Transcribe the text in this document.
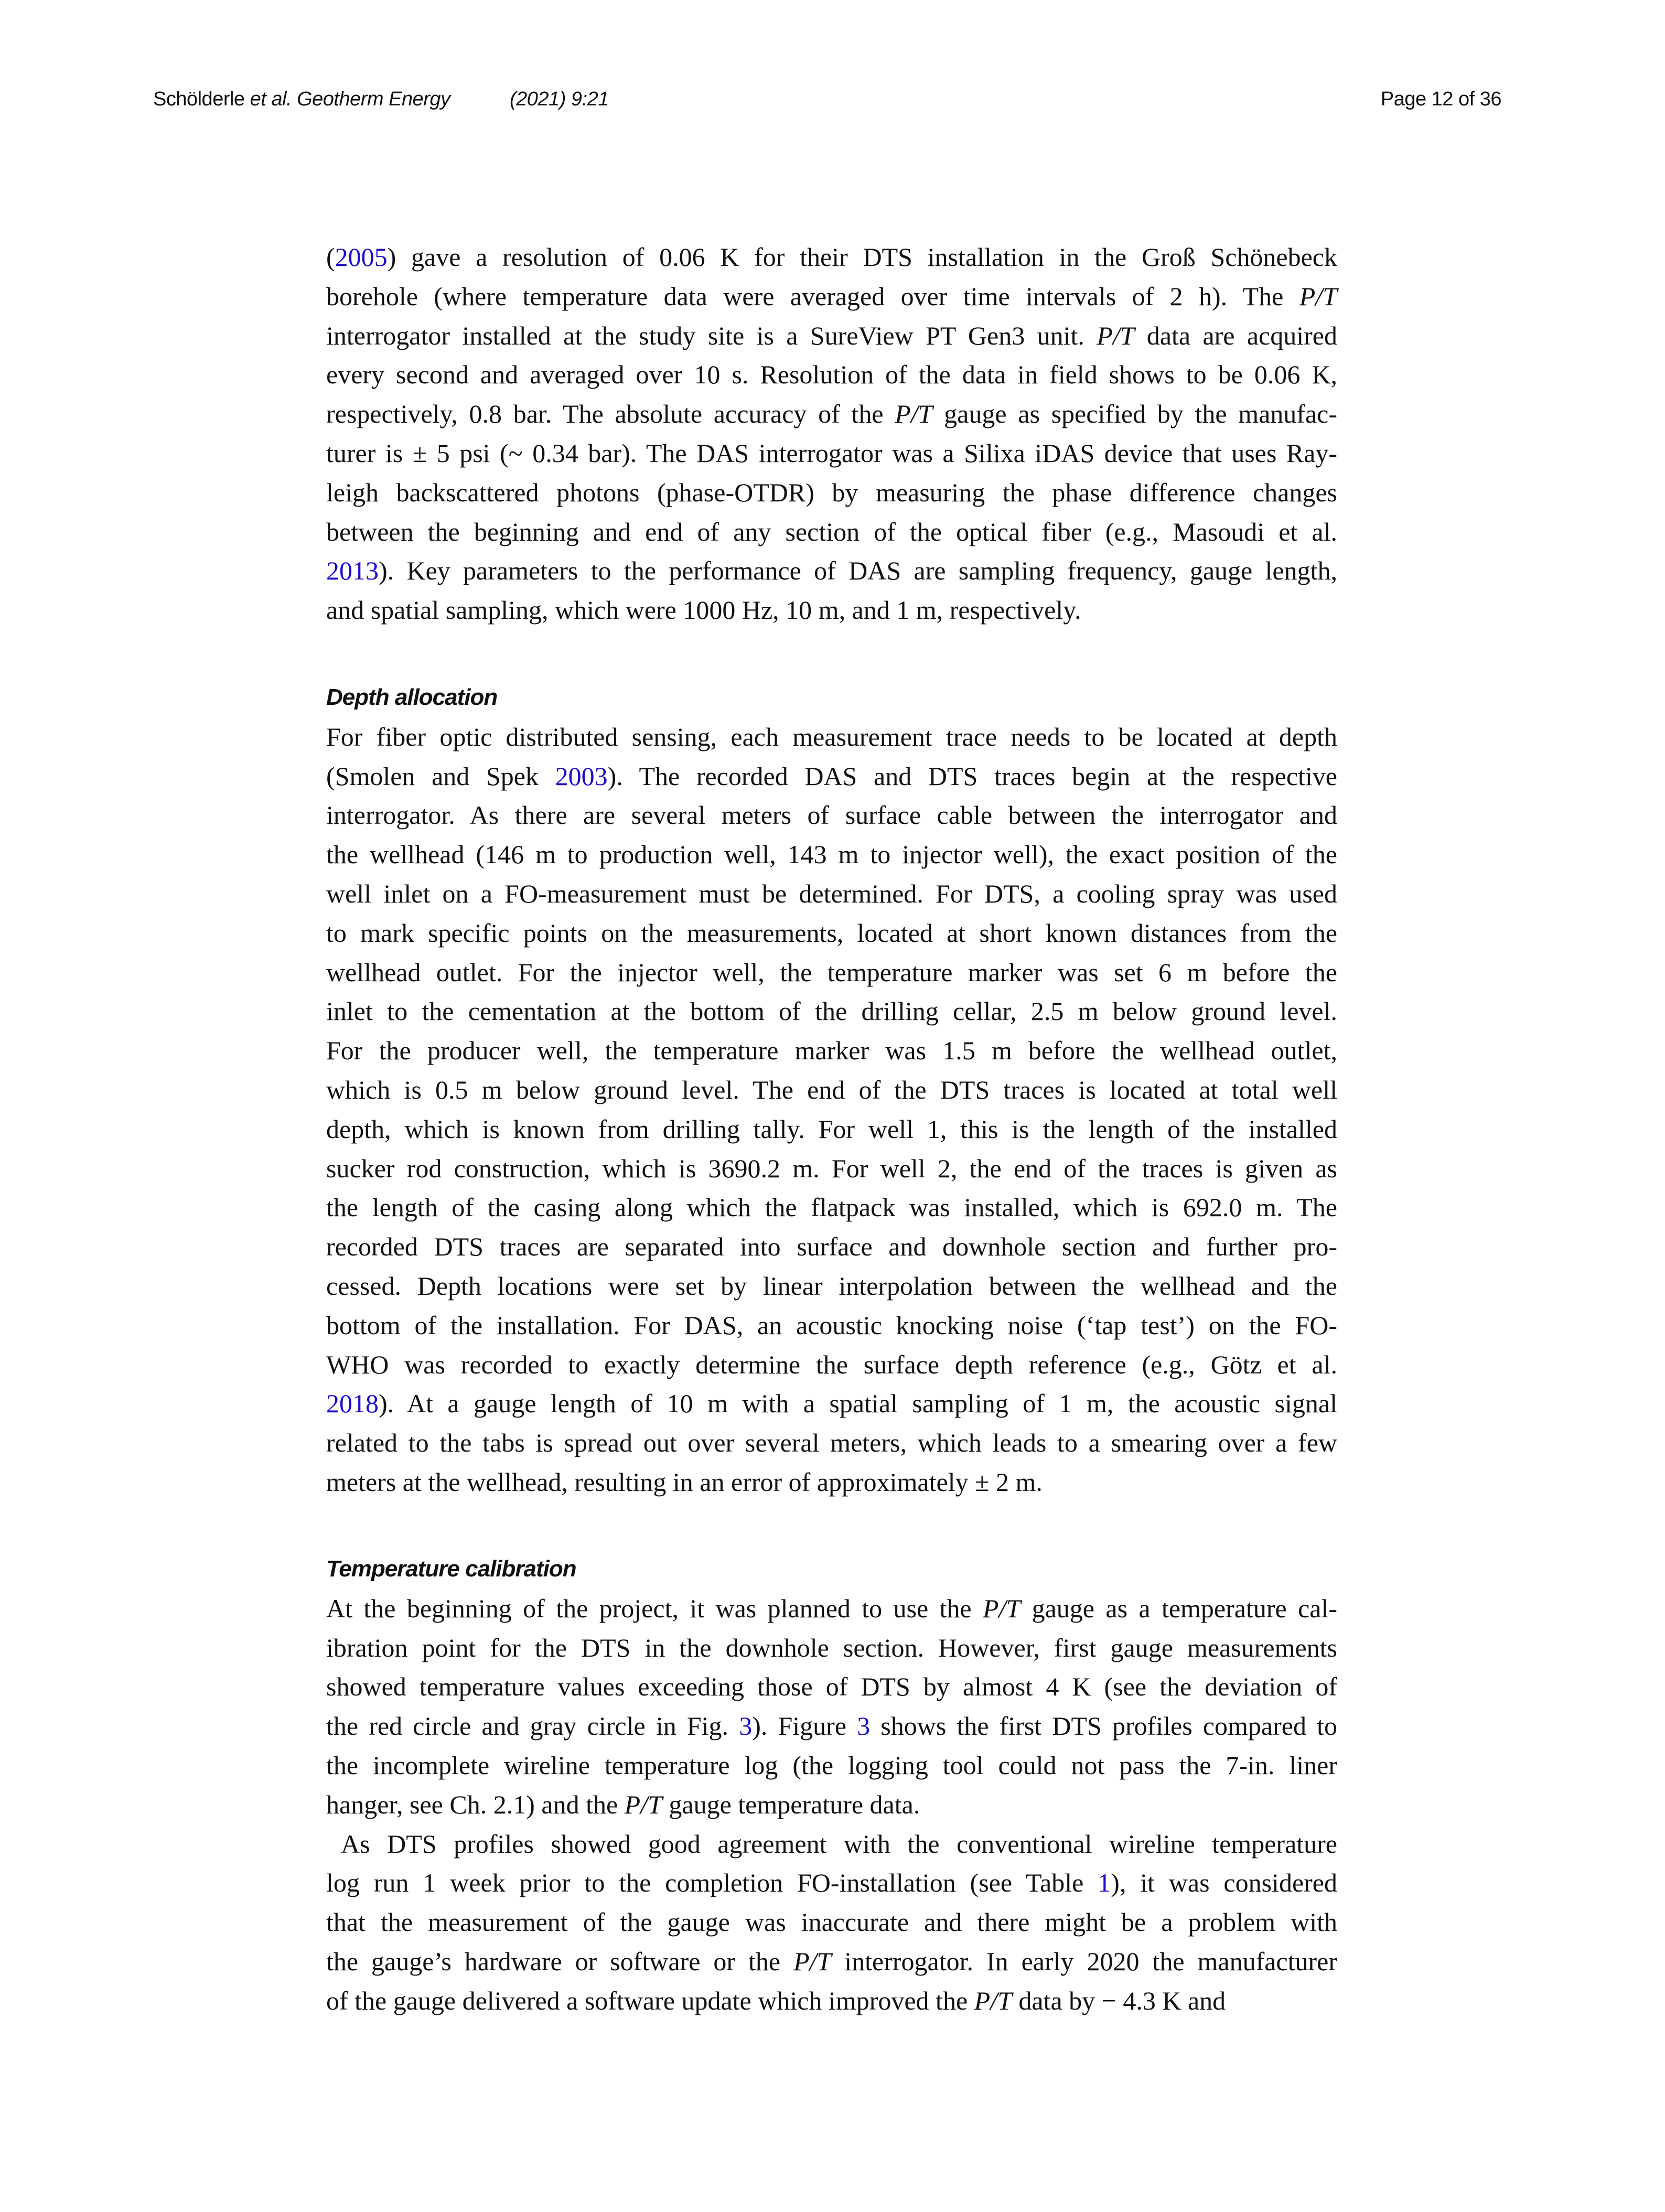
Schölderle et al. Geotherm Energy	(2021) 9:21	Page 12 of 36
(2005) gave a resolution of 0.06 K for their DTS installation in the Groß Schönebeck
borehole (where temperature data were averaged over time intervals of 2 h). The P/T
interrogator installed at the study site is a SureView PT Gen3 unit. P/T data are acquired
every second and averaged over 10 s. Resolution of the data in field shows to be 0.06 K,
respectively, 0.8 bar. The absolute accuracy of the P/T gauge as specified by the manufac-
turer is ± 5 psi (~ 0.34 bar). The DAS interrogator was a Silixa iDAS device that uses Ray-
leigh backscattered photons (phase-OTDR) by measuring the phase difference changes
between the beginning and end of any section of the optical fiber (e.g., Masoudi et al.
2013). Key parameters to the performance of DAS are sampling frequency, gauge length,
and spatial sampling, which were 1000 Hz, 10 m, and 1 m, respectively.
Depth allocation
For fiber optic distributed sensing, each measurement trace needs to be located at depth
(Smolen and Spek 2003). The recorded DAS and DTS traces begin at the respective
interrogator. As there are several meters of surface cable between the interrogator and
the wellhead (146 m to production well, 143 m to injector well), the exact position of the
well inlet on a FO-measurement must be determined. For DTS, a cooling spray was used
to mark specific points on the measurements, located at short known distances from the
wellhead outlet. For the injector well, the temperature marker was set 6 m before the
inlet to the cementation at the bottom of the drilling cellar, 2.5 m below ground level.
For the producer well, the temperature marker was 1.5 m before the wellhead outlet,
which is 0.5 m below ground level. The end of the DTS traces is located at total well
depth, which is known from drilling tally. For well 1, this is the length of the installed
sucker rod construction, which is 3690.2 m. For well 2, the end of the traces is given as
the length of the casing along which the flatpack was installed, which is 692.0 m. The
recorded DTS traces are separated into surface and downhole section and further pro-
cessed. Depth locations were set by linear interpolation between the wellhead and the
bottom of the installation. For DAS, an acoustic knocking noise (‘tap test’) on the FO-
WHO was recorded to exactly determine the surface depth reference (e.g., Götz et al.
2018). At a gauge length of 10 m with a spatial sampling of 1 m, the acoustic signal
related to the tabs is spread out over several meters, which leads to a smearing over a few
meters at the wellhead, resulting in an error of approximately ± 2 m.
Temperature calibration
At the beginning of the project, it was planned to use the P/T gauge as a temperature cal-
ibration point for the DTS in the downhole section. However, first gauge measurements
showed temperature values exceeding those of DTS by almost 4 K (see the deviation of
the red circle and gray circle in Fig. 3). Figure 3 shows the first DTS profiles compared to
the incomplete wireline temperature log (the logging tool could not pass the 7-in. liner
hanger, see Ch. 2.1) and the P/T gauge temperature data.
As DTS profiles showed good agreement with the conventional wireline temperature
log run 1 week prior to the completion FO-installation (see Table 1), it was considered
that the measurement of the gauge was inaccurate and there might be a problem with
the gauge’s hardware or software or the P/T interrogator. In early 2020 the manufacturer
of the gauge delivered a software update which improved the P/T data by − 4.3 K and
